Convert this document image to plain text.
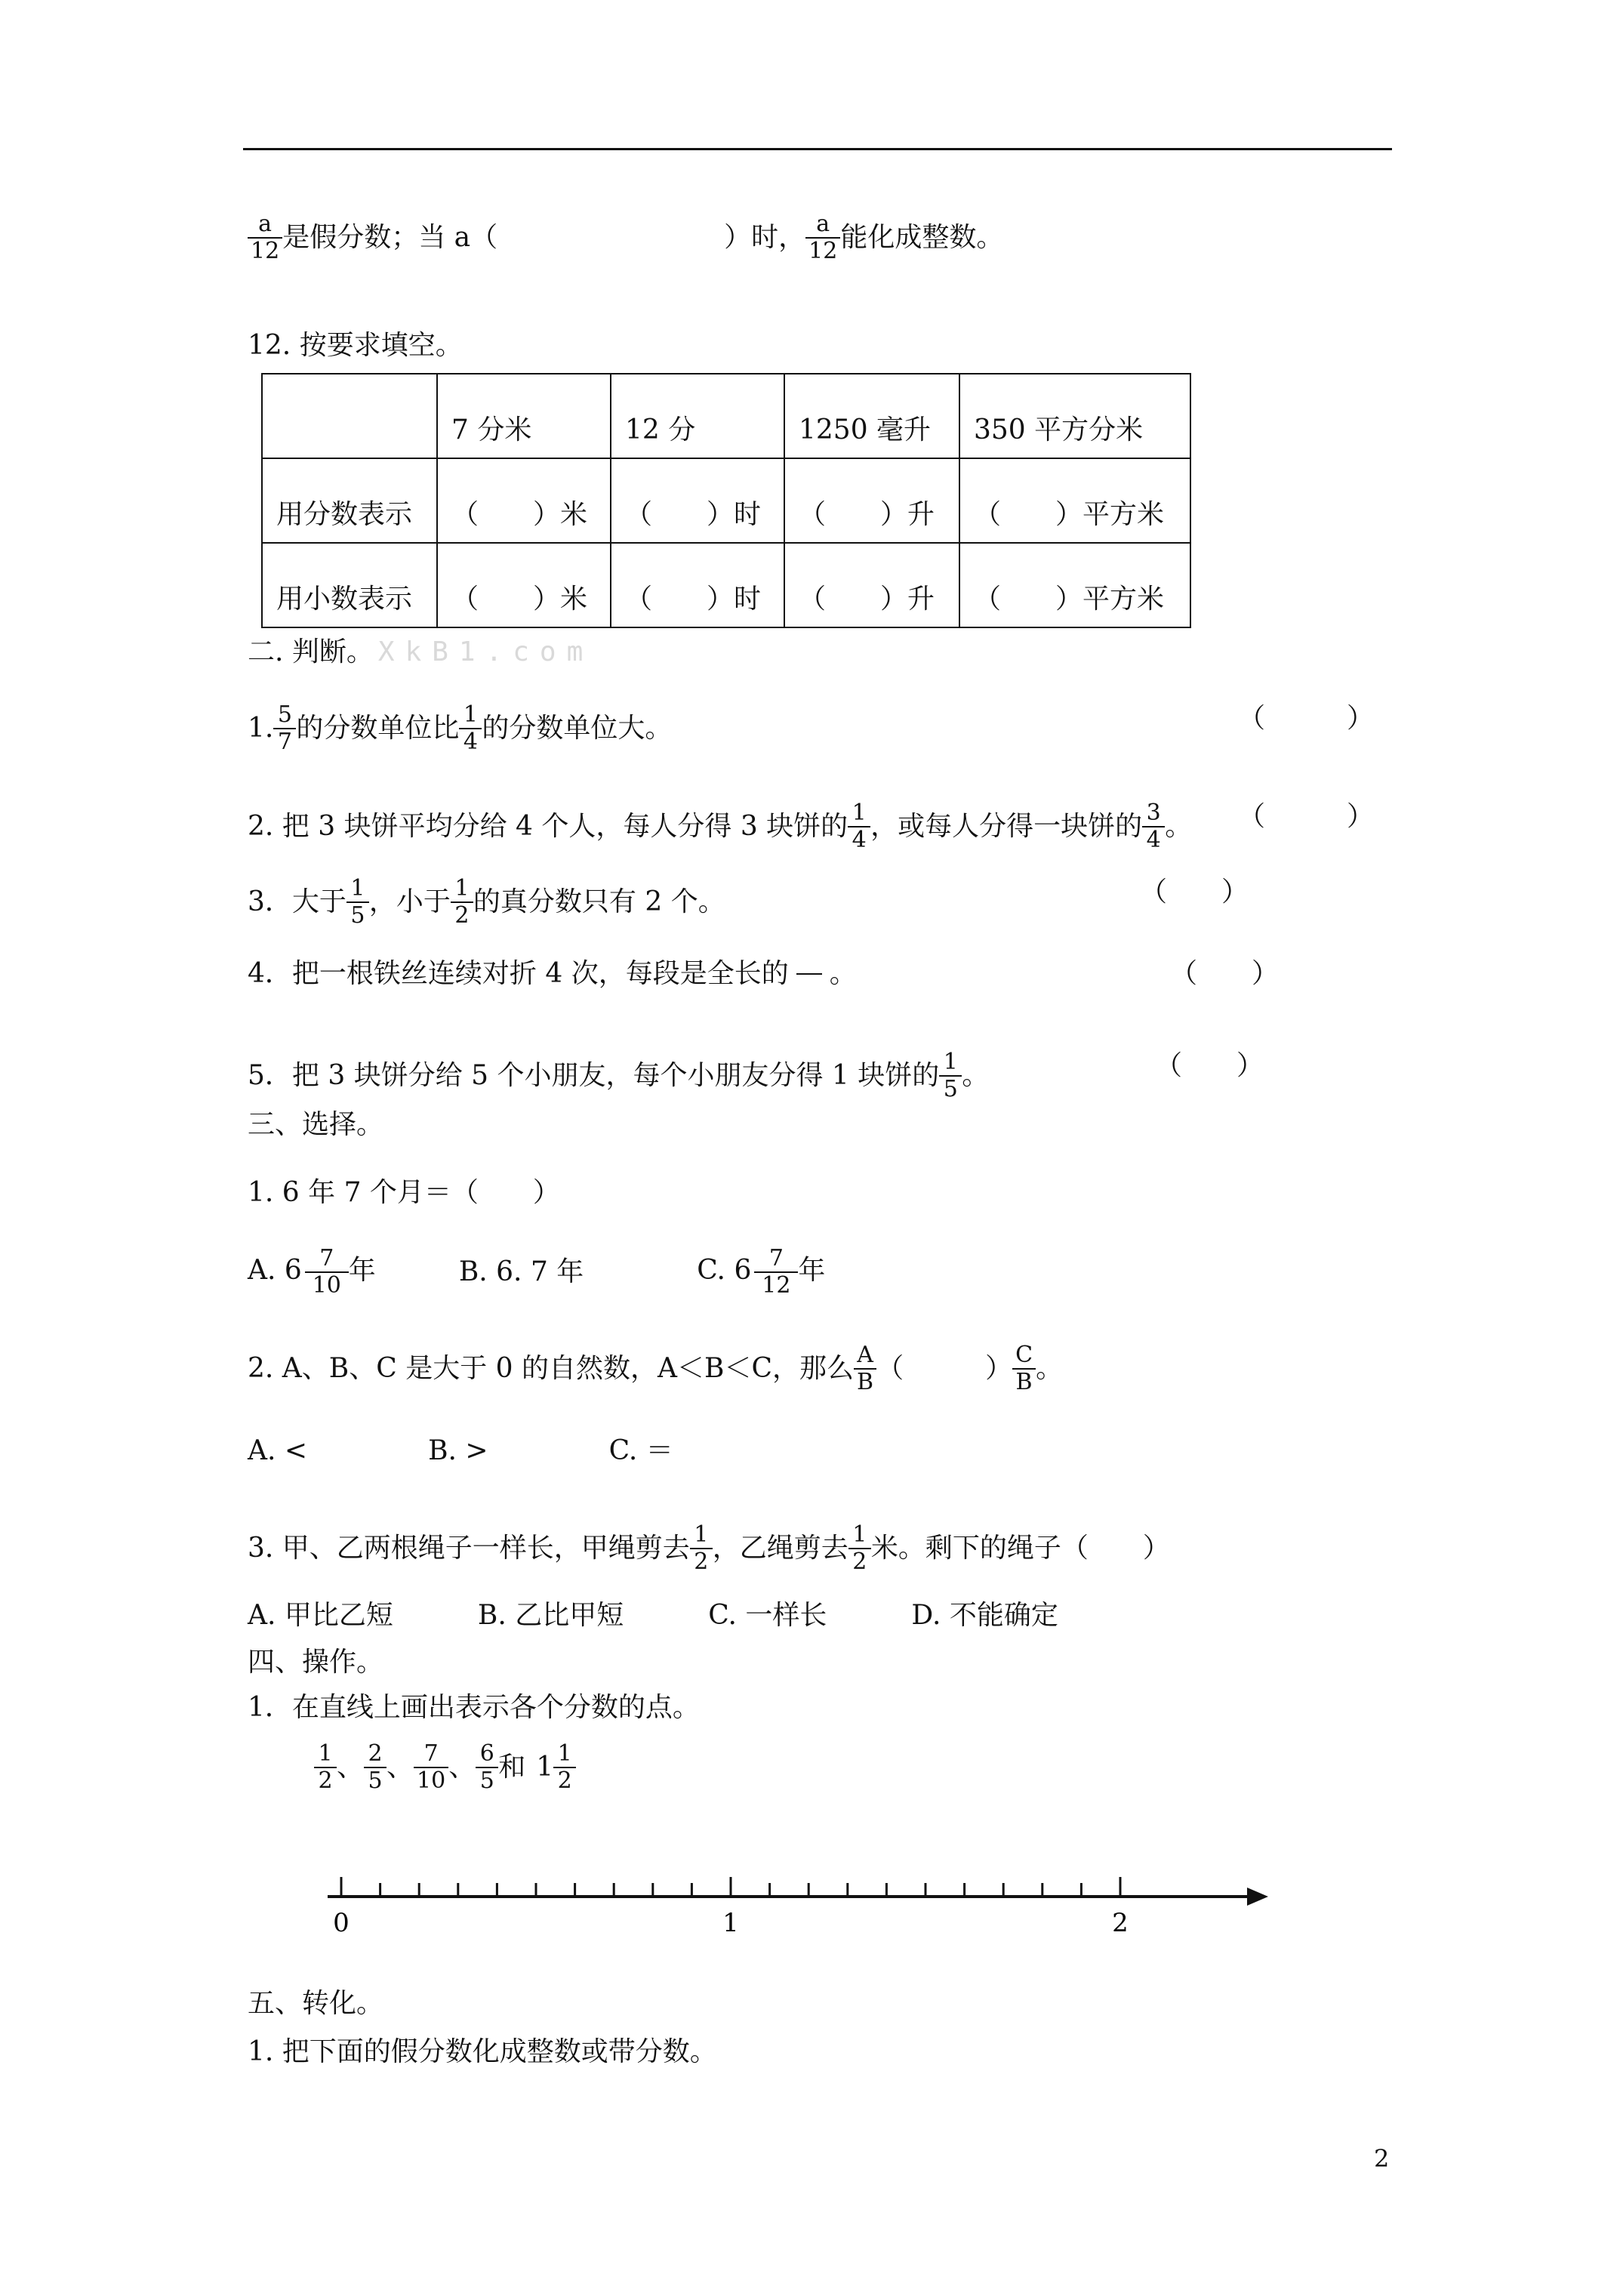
$\frac{a}{12}$ 是假分数；当 a（	）时， $\frac{a}{12}$ 能化成整数。
12. 按要求填空。
	7 分米	12 分	1250 毫升	350 平方分米
用分数表示	（　　）米	（　　）时	（　　）升	（　　）平方米
用小数表示	（　　）米	（　　）时	（　　）升	（　　）平方米
二. 判断。 XkB1.com
1. $\frac{5}{7}$ 的分数单位比 $\frac{1}{4}$ 的分数单位大。	（　　　）
2. 把 3 块饼平均分给 4 个人，每人分得 3 块饼的 $\frac{1}{4}$ ，或每人分得一块饼的 $\frac{3}{4}$ 。 （　　　）
3．大于 $\frac{1}{5}$ ，小于 $\frac{1}{2}$ 的真分数只有 2 个。	（　　）
4．把一根铁丝连续对折 4 次，每段是全长的 。	（　　）
5．把 3 块饼分给 5 个小朋友，每个小朋友分得 1 块饼的 $\frac{1}{5}$ 。	（　　）
三、选择。
1. 6 年 7 个月＝（　　）
A. $6 \frac{7}{10}$ 年	B. 6. 7 年	C. $6 \frac{7}{12}$ 年
2. A、B、C 是大于 0 的自然数，A＜B＜C，那么 $\frac{A}{B}$ （　　　） $\frac{C}{B}$ 。
A. <	B. >	C. ＝
3. 甲、乙两根绳子一样长，甲绳剪去 $\frac{1}{2}$ ，乙绳剪去 $\frac{1}{2}$ 米。剩下的绳子（　　）
A. 甲比乙短	B. 乙比甲短	C. 一样长	D. 不能确定
四、操作。
1．在直线上画出表示各个分数的点。
$\frac{1}{2}$ 、 $\frac{2}{5}$ 、 $\frac{7}{10}$ 、 $\frac{6}{5}$ 和 $1 \frac{1}{2}$
0	1	2
五、转化。
1. 把下面的假分数化成整数或带分数。
2
